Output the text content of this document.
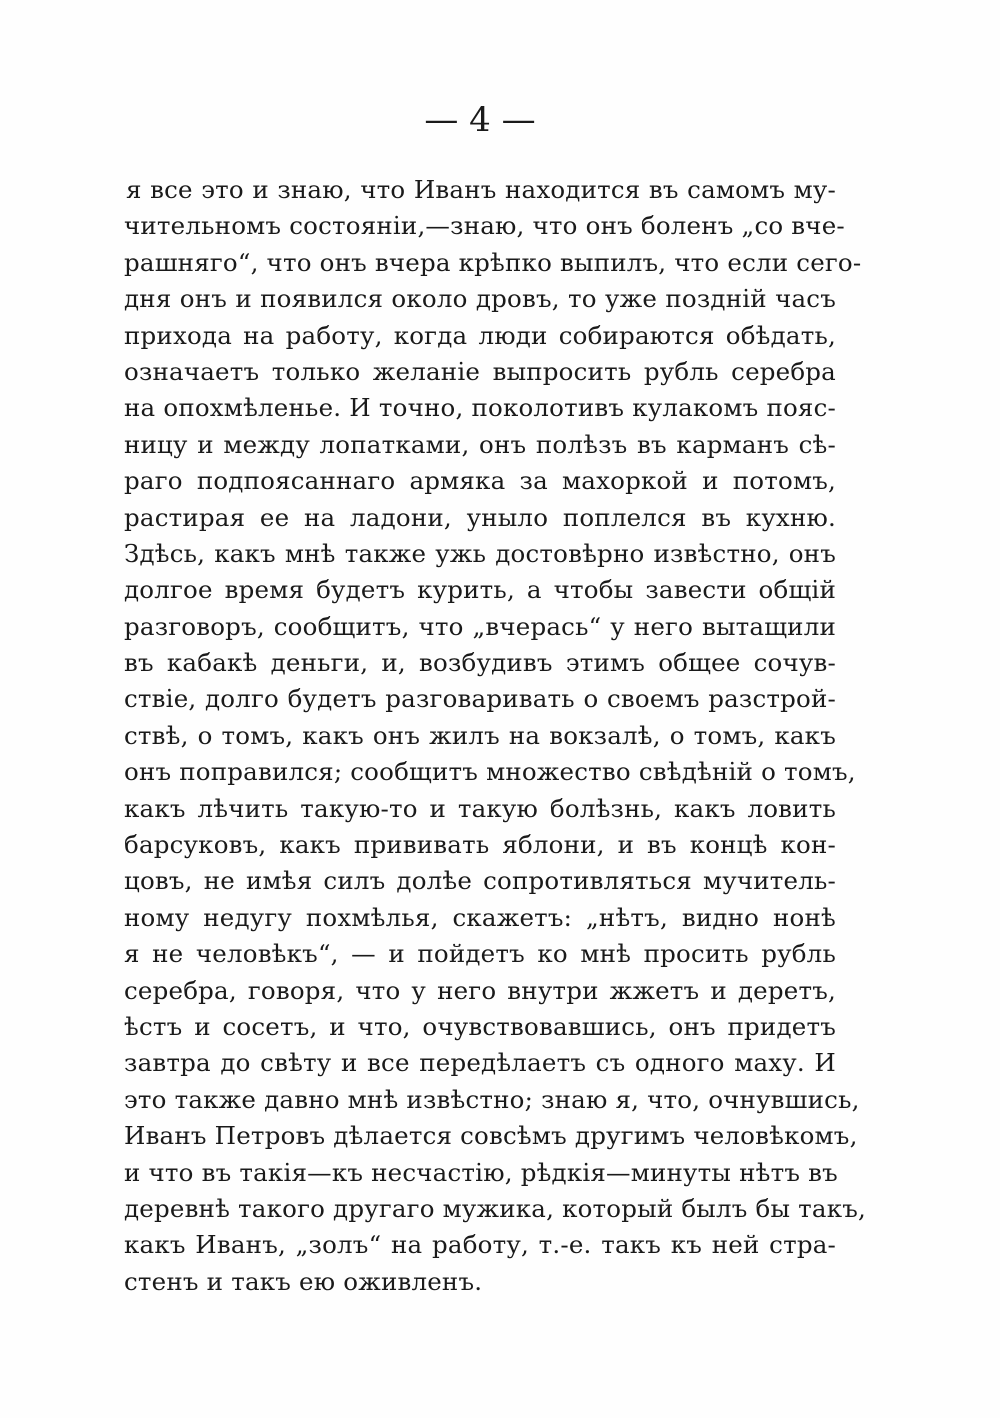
— 4 —
я все это и знаю, что Иванъ находится въ самомъ му-
чительномъ состояніи,—знаю, что онъ боленъ „со вче-
рашняго“, что онъ вчера крѣпко выпилъ, что если сего-
дня онъ и появился около дровъ, то уже поздній часъ
прихода на работу, когда люди собираются обѣдать,
означаетъ только желаніе выпросить рубль серебра
на опохмѣленье. И точно, поколотивъ кулакомъ пояс-
ницу и между лопатками, онъ полѣзъ въ карманъ сѣ-
раго подпоясаннаго армяка за махоркой и потомъ,
растирая ее на ладони, уныло поплелся въ кухню.
Здѣсь, какъ мнѣ также ужь достовѣрно извѣстно, онъ
долгое время будетъ курить, а чтобы завести общій
разговоръ, сообщитъ, что „вчерась“ у него вытащили
въ кабакѣ деньги, и, возбудивъ этимъ общее сочув-
ствіе, долго будетъ разговаривать о своемъ разстрой-
ствѣ, о томъ, какъ онъ жилъ на вокзалѣ, о томъ, какъ
онъ поправился; сообщитъ множество свѣдѣній о томъ,
какъ лѣчить такую-то и такую болѣзнь, какъ ловить
барсуковъ, какъ прививать яблони, и въ концѣ кон-
цовъ, не имѣя силъ долѣе сопротивляться мучитель-
ному недугу похмѣлья, скажетъ: „нѣтъ, видно нонѣ
я не человѣкъ“, — и пойдетъ ко мнѣ просить рубль
серебра, говоря, что у него внутри жжетъ и деретъ,
ѣстъ и сосетъ, и что, очувствовавшись, онъ придетъ
завтра до свѣту и все передѣлаетъ съ одного маху. И
это также давно мнѣ извѣстно; знаю я, что, очнувшись,
Иванъ Петровъ дѣлается совсѣмъ другимъ человѣкомъ,
и что въ такія—къ несчастію, рѣдкія—минуты нѣтъ въ
деревнѣ такого другаго мужика, который былъ бы такъ,
какъ Иванъ, „золъ“ на работу, т.-е. такъ къ ней стра-
стенъ и такъ ею оживленъ.
